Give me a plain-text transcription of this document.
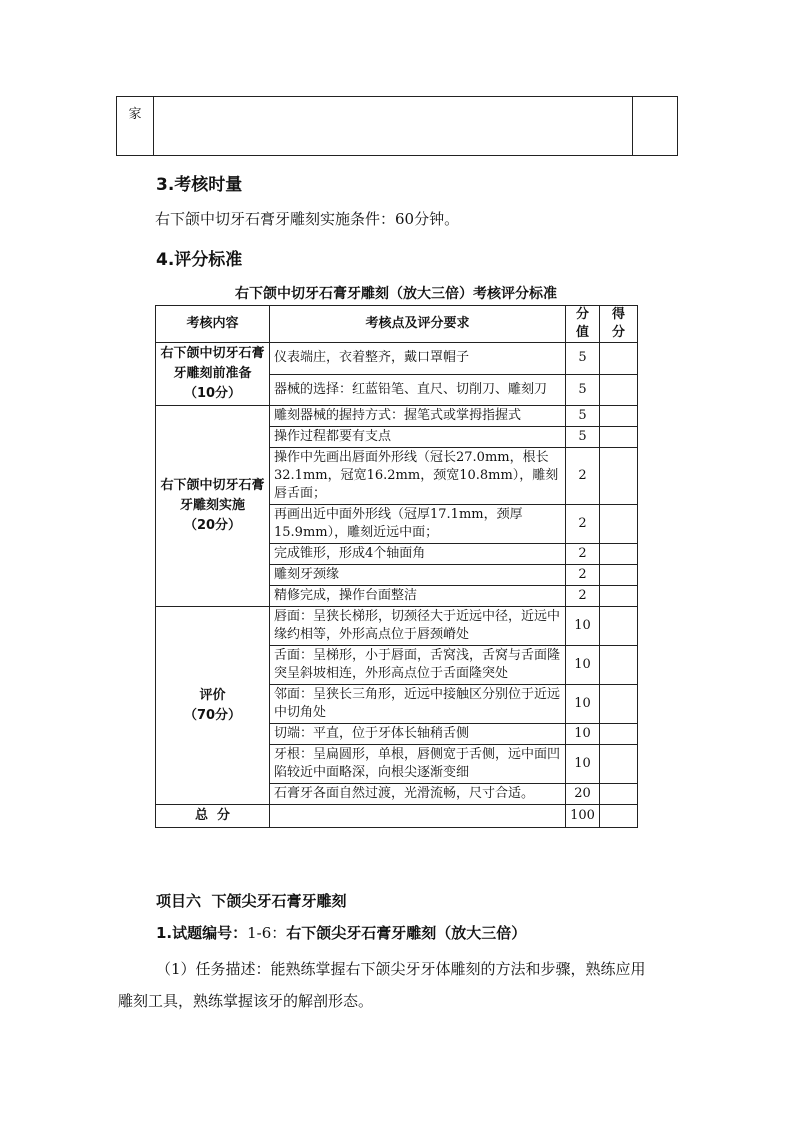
家		
3.考核时量
右下颌中切牙石膏牙雕刻实施条件：60分钟。
4.评分标准
右下颌中切牙石膏牙雕刻（放大三倍）考核评分标准
考核内容	考核点及评分要求	分值	得分

右下颌中切牙石膏牙雕刻前准备
（10分）	仪表端庄，衣着整齐，戴口罩帽子	5	
	器械的选择：红蓝铅笔、直尺、切削刀、雕刻刀	5	

右下颌中切牙石膏牙雕刻实施
（20分）	雕刻器械的握持方式：握笔式或掌拇指握式	5	
	操作过程都要有支点	5	
	操作中先画出唇面外形线（冠长27.0mm，根长32.1mm，冠宽16.2mm，颈宽10.8mm），雕刻唇舌面；	2	
	再画出近中面外形线（冠厚17.1mm，颈厚15.9mm），雕刻近远中面；	2	
	完成锥形，形成4个轴面角	2	
	雕刻牙颈缘	2	
	精修完成，操作台面整洁	2	

评价
（70分）	唇面：呈狭长梯形，切颈径大于近远中径，近远中缘约相等，外形高点位于唇颈嵴处	10	
	舌面：呈梯形，小于唇面，舌窝浅，舌窝与舌面隆突呈斜坡相连，外形高点位于舌面隆突处	10	
	邻面：呈狭长三角形，近远中接触区分别位于近远中切角处	10	
	切端：平直，位于牙体长轴稍舌侧	10	
	牙根：呈扁圆形，单根，唇侧宽于舌侧，远中面凹陷较近中面略深，向根尖逐渐变细	10	
	石膏牙各面自然过渡，光滑流畅，尺寸合适。	20	
总  分		100	
项目六  下颌尖牙石膏牙雕刻
1.试题编号：1-6：右下颌尖牙石膏牙雕刻（放大三倍）
（1）任务描述：能熟练掌握右下颌尖牙牙体雕刻的方法和步骤，熟练应用
雕刻工具，熟练掌握该牙的解剖形态。
